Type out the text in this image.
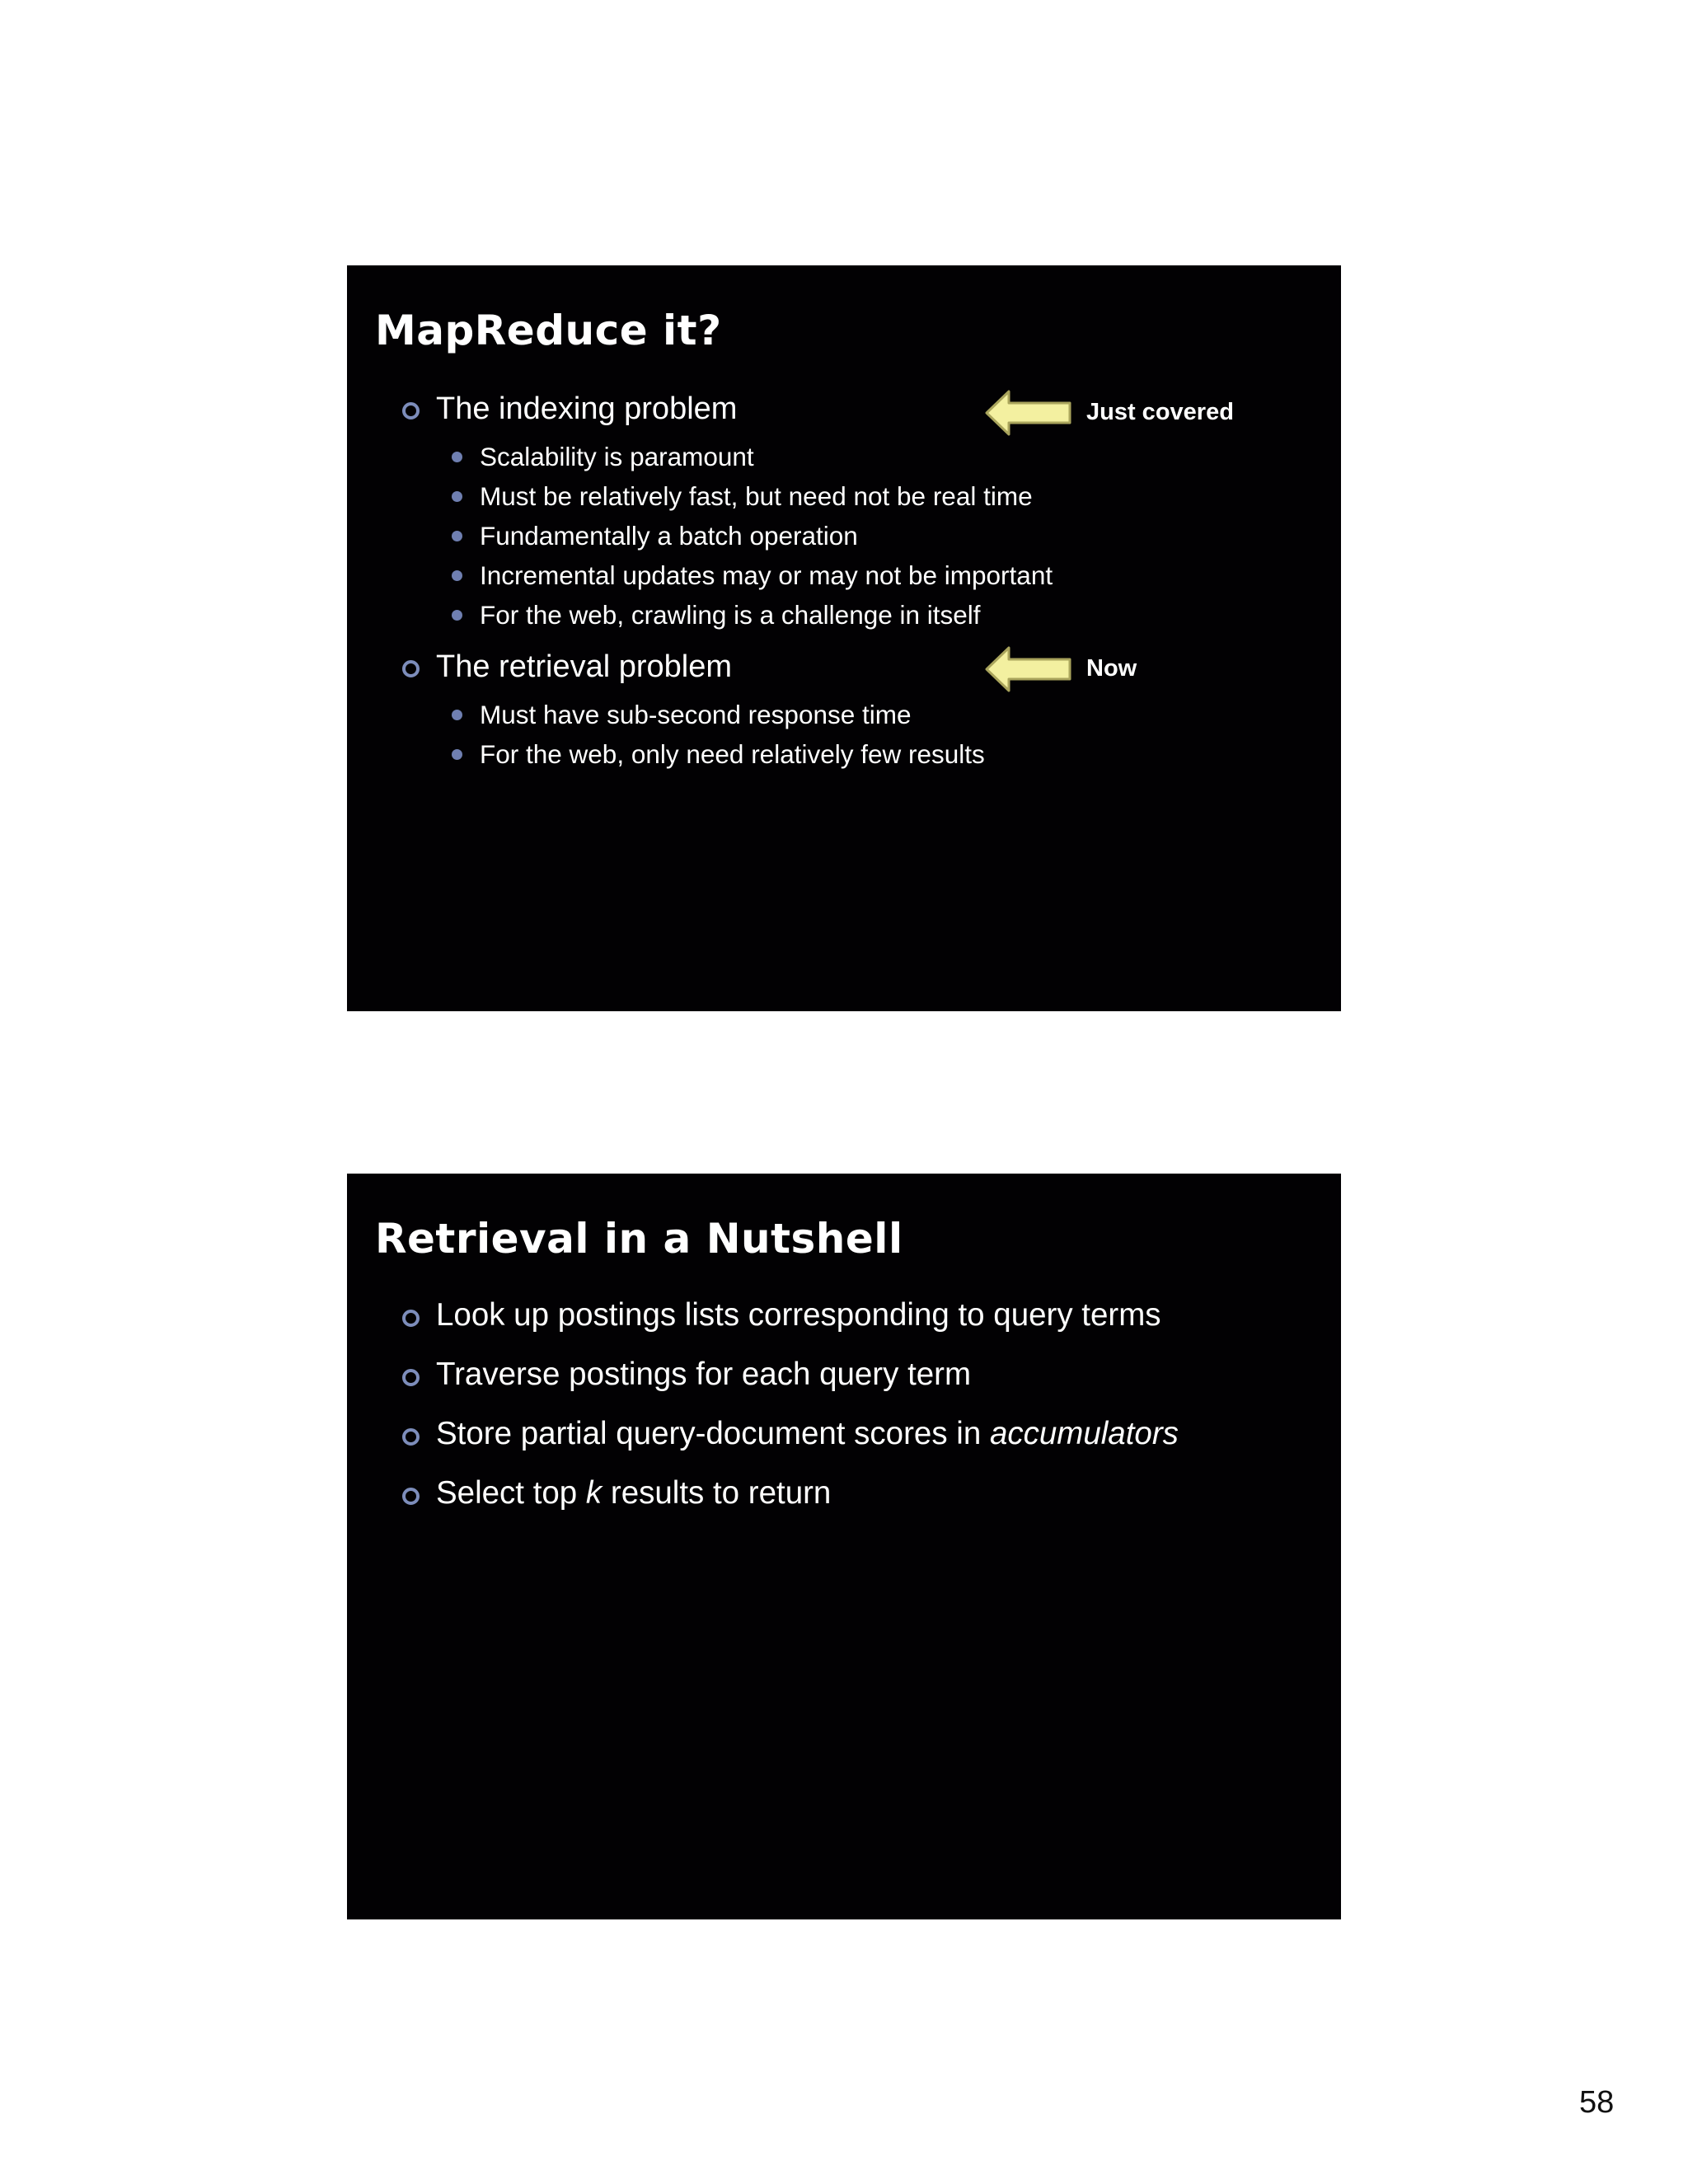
MapReduce it?
The indexing problem	Just covered
Scalability is paramount
Must be relatively fast, but need not be real time
Fundamentally a batch operation
Incremental updates may or may not be important
For the web, crawling is a challenge in itself
The retrieval problem	Now
Must have sub-second response time
For the web, only need relatively few results
Retrieval in a Nutshell
Look up postings lists corresponding to query terms
Traverse postings for each query term
Store partial query-document scores in accumulators
Select top k results to return
58
